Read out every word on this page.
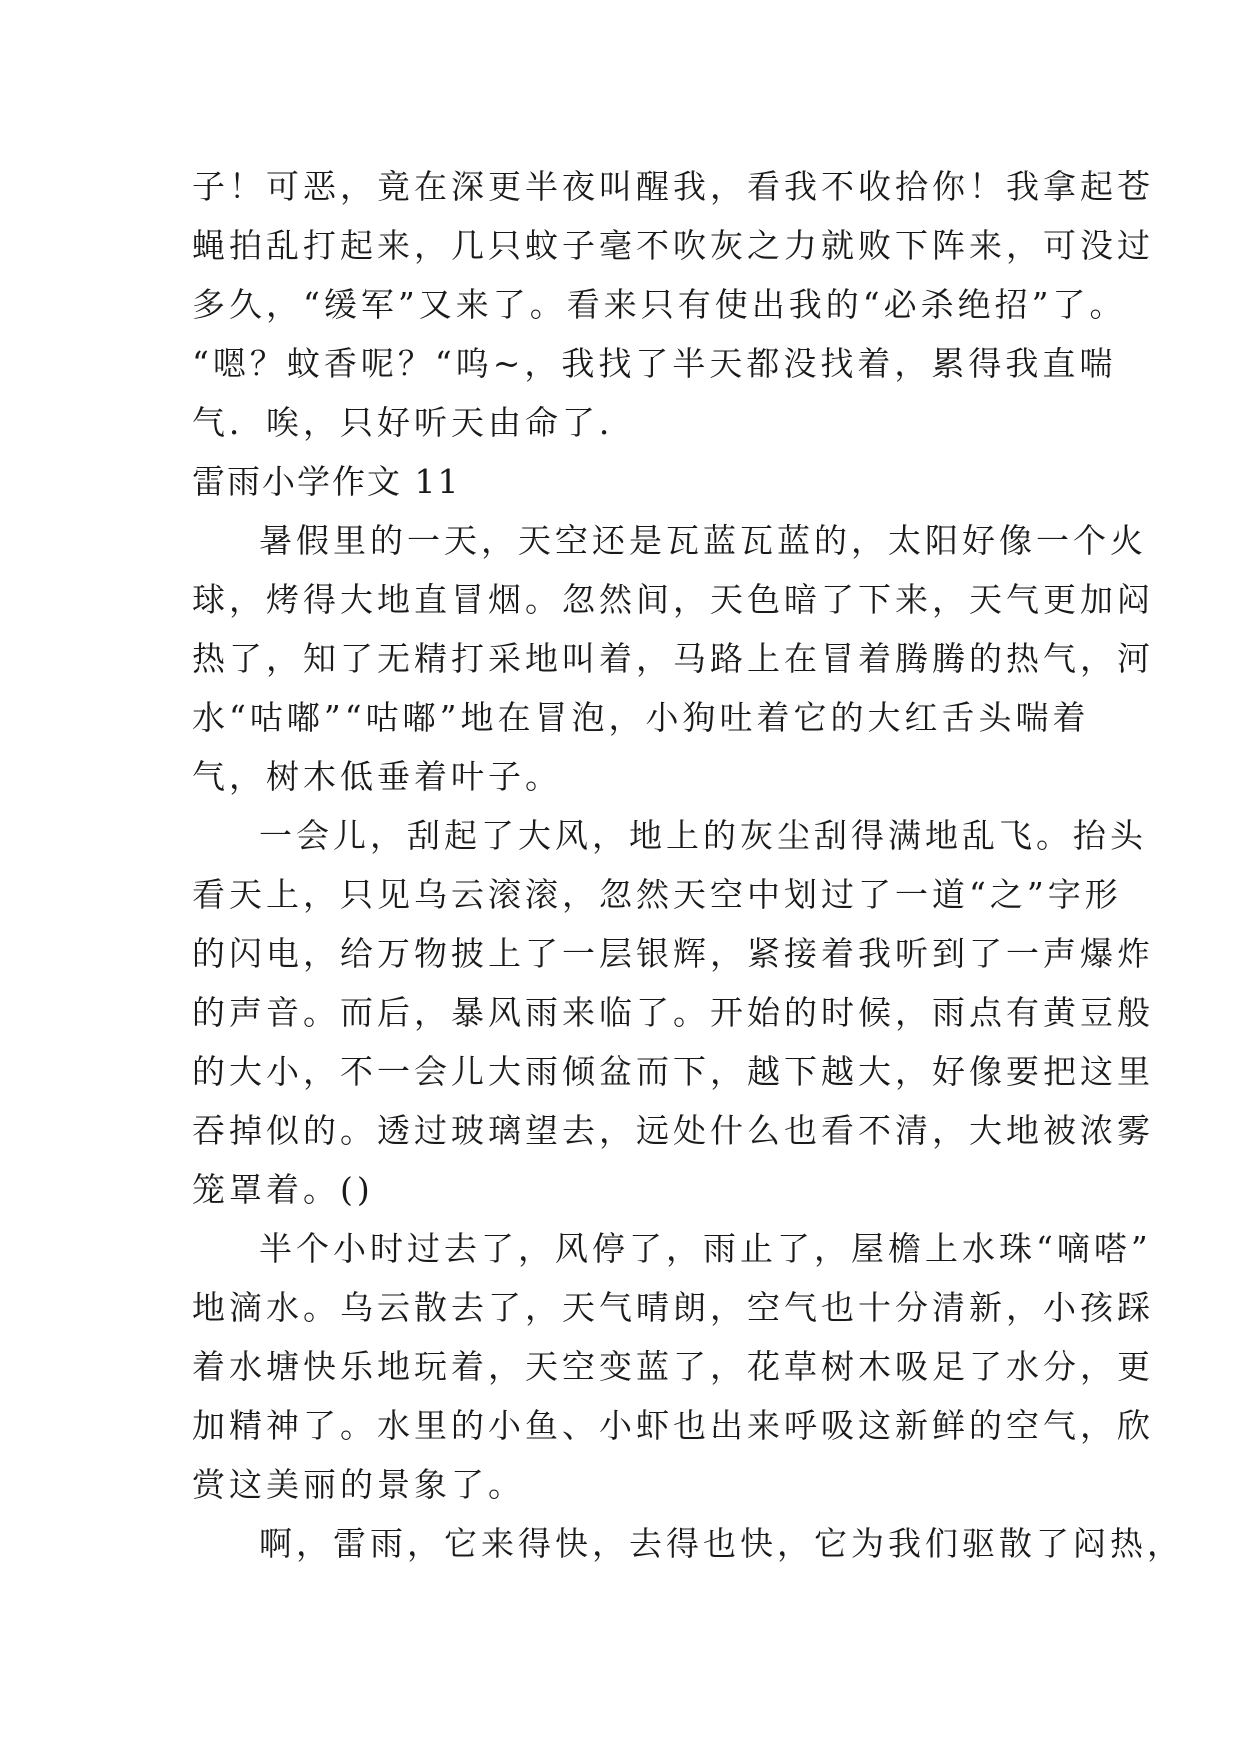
子！可恶，竟在深更半夜叫醒我，看我不收拾你！我拿起苍

蝇拍乱打起来，几只蚊子毫不吹灰之力就败下阵来，可没过

多久，“缓军”又来了。看来只有使出我的“必杀绝招”了。

“嗯？蚊香呢？“呜~，我找了半天都没找着，累得我直喘

气．唉，只好听天由命了．

雷雨小学作文 11

暑假里的一天，天空还是瓦蓝瓦蓝的，太阳好像一个火

球，烤得大地直冒烟。忽然间，天色暗了下来，天气更加闷

热了，知了无精打采地叫着，马路上在冒着腾腾的热气，河

水“咕嘟”“咕嘟”地在冒泡，小狗吐着它的大红舌头喘着

气，树木低垂着叶子。

一会儿，刮起了大风，地上的灰尘刮得满地乱飞。抬头

看天上，只见乌云滚滚，忽然天空中划过了一道“之”字形

的闪电，给万物披上了一层银辉，紧接着我听到了一声爆炸

的声音。而后，暴风雨来临了。开始的时候，雨点有黄豆般

的大小，不一会儿大雨倾盆而下，越下越大，好像要把这里

吞掉似的。透过玻璃望去，远处什么也看不清，大地被浓雾

笼罩着。()

半个小时过去了，风停了，雨止了，屋檐上水珠“嘀嗒”

地滴水。乌云散去了，天气晴朗，空气也十分清新，小孩踩

着水塘快乐地玩着，天空变蓝了，花草树木吸足了水分，更

加精神了。水里的小鱼、小虾也出来呼吸这新鲜的空气，欣

赏这美丽的景象了。

啊，雷雨，它来得快，去得也快，它为我们驱散了闷热，
